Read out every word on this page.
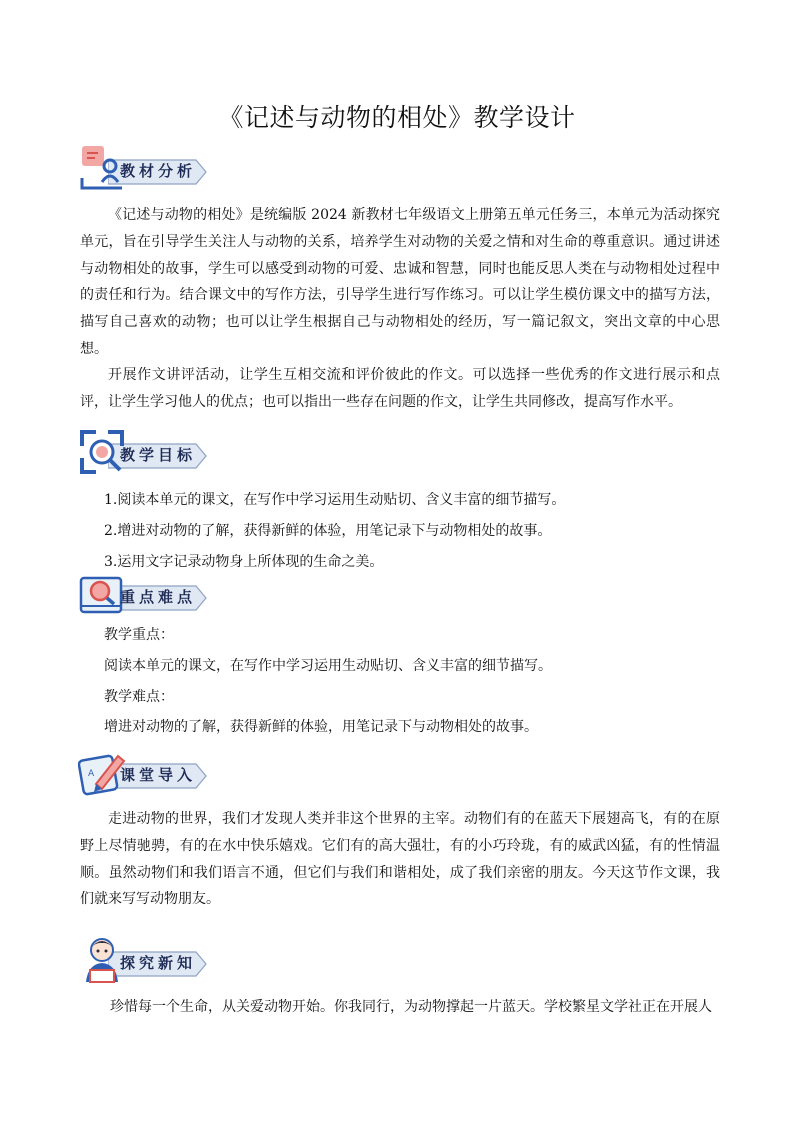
《记述与动物的相处》教学设计
教材分析

《记述与动物的相处》是统编版 2024 新教材七年级语文上册第五单元任务三，本单元为活动探究单元，旨在引导学生关注人与动物的关系，培养学生对动物的关爱之情和对生命的尊重意识。通过讲述与动物相处的故事，学生可以感受到动物的可爱、忠诚和智慧，同时也能反思人类在与动物相处过程中的责任和行为。结合课文中的写作方法，引导学生进行写作练习。可以让学生模仿课文中的描写方法，描写自己喜欢的动物；也可以让学生根据自己与动物相处的经历，写一篇记叙文，突出文章的中心思想。

开展作文讲评活动，让学生互相交流和评价彼此的作文。可以选择一些优秀的作文进行展示和点评，让学生学习他人的优点；也可以指出一些存在问题的作文，让学生共同修改，提高写作水平。

教学目标

1.阅读本单元的课文，在写作中学习运用生动贴切、含义丰富的细节描写。

2.增进对动物的了解，获得新鲜的体验，用笔记录下与动物相处的故事。

3.运用文字记录动物身上所体现的生命之美。

重点难点

教学重点：

阅读本单元的课文，在写作中学习运用生动贴切、含义丰富的细节描写。

教学难点：

增进对动物的了解，获得新鲜的体验，用笔记录下与动物相处的故事。

A 课堂导入

走进动物的世界，我们才发现人类并非这个世界的主宰。动物们有的在蓝天下展翅高飞，有的在原野上尽情驰骋，有的在水中快乐嬉戏。它们有的高大强壮，有的小巧玲珑，有的威武凶猛，有的性情温顺。虽然动物们和我们语言不通，但它们与我们和谐相处，成了我们亲密的朋友。今天这节作文课，我们就来写写动物朋友。

探究新知

珍惜每一个生命，从关爱动物开始。你我同行，为动物撑起一片蓝天。学校繁星文学社正在开展人
